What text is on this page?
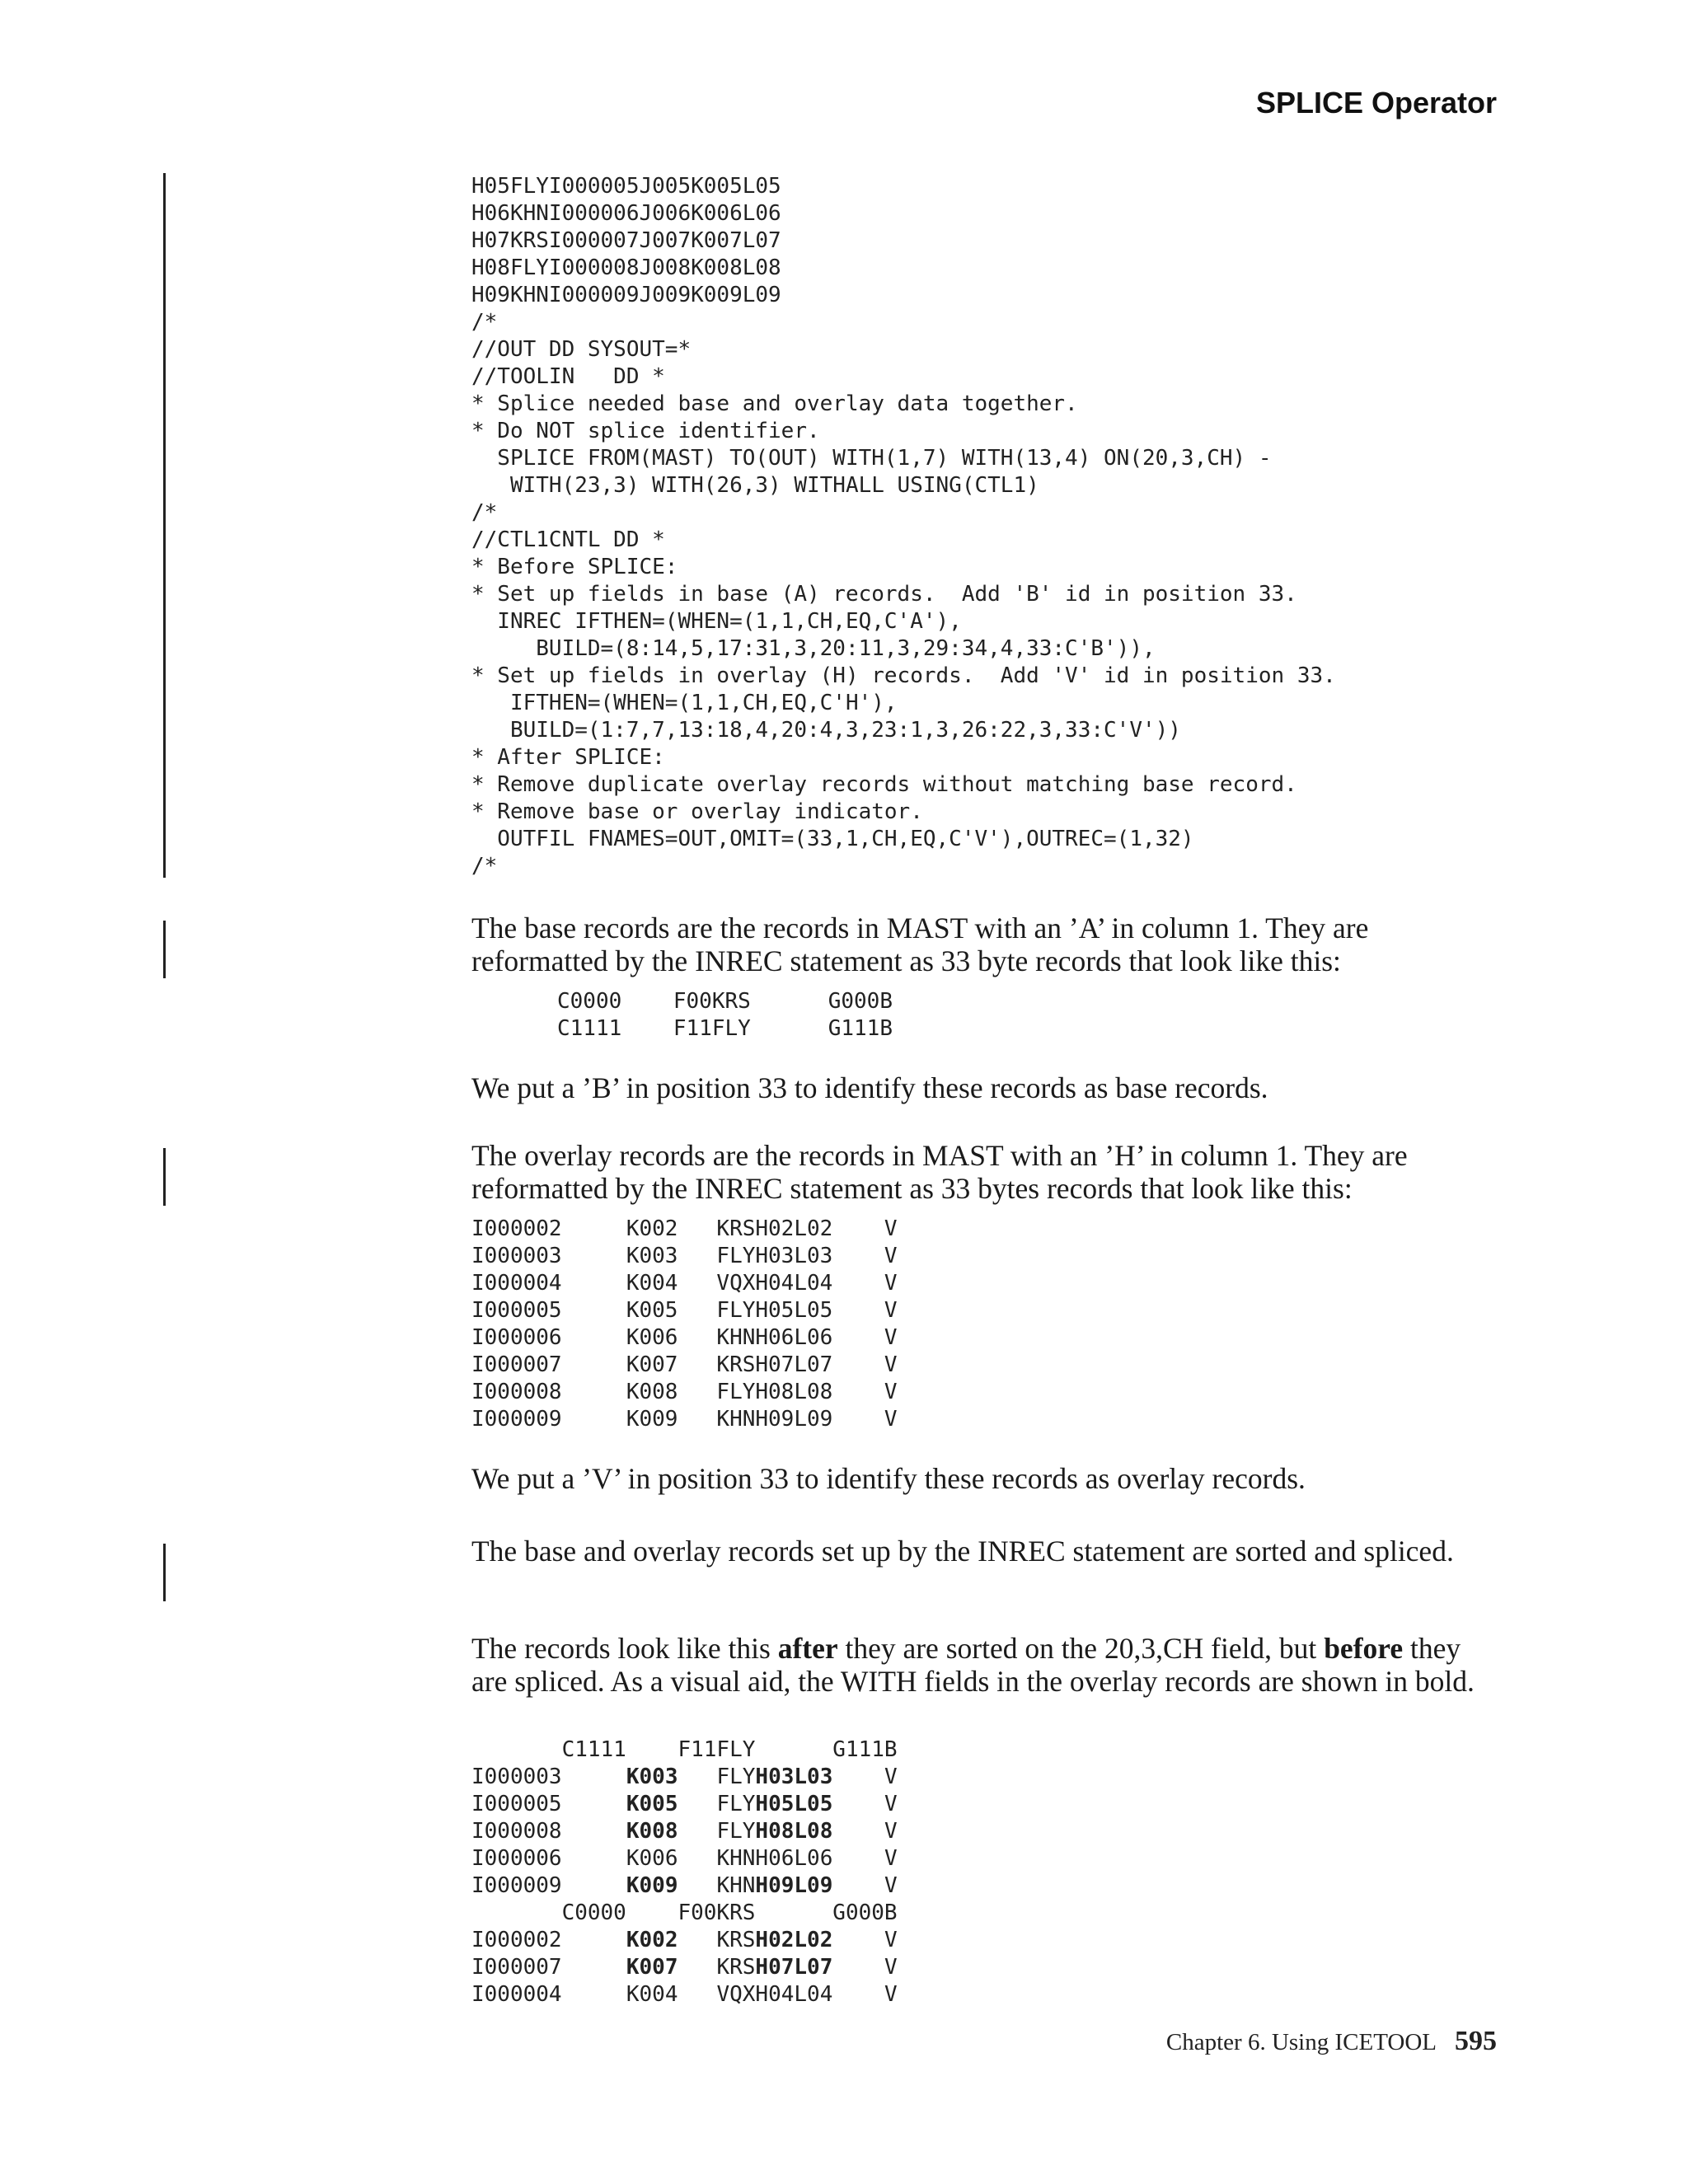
SPLICE Operator
H05FLYI000005J005K005L05
H06KHNI000006J006K006L06
H07KRSI000007J007K007L07
H08FLYI000008J008K008L08
H09KHNI000009J009K009L09
/*
//OUT DD SYSOUT=*
//TOOLIN   DD *
* Splice needed base and overlay data together.
* Do NOT splice identifier.
SPLICE FROM(MAST) TO(OUT) WITH(1,7) WITH(13,4) ON(20,3,CH) -
WITH(23,3) WITH(26,3) WITHALL USING(CTL1)
/*
//CTL1CNTL DD *
* Before SPLICE:
* Set up fields in base (A) records.  Add 'B' id in position 33.
INREC IFTHEN=(WHEN=(1,1,CH,EQ,C'A'),
BUILD=(8:14,5,17:31,3,20:11,3,29:34,4,33:C'B')),
* Set up fields in overlay (H) records.  Add 'V' id in position 33.
IFTHEN=(WHEN=(1,1,CH,EQ,C'H'),
BUILD=(1:7,7,13:18,4,20:4,3,23:1,3,26:22,3,33:C'V'))
* After SPLICE:
* Remove duplicate overlay records without matching base record.
* Remove base or overlay indicator.
OUTFIL FNAMES=OUT,OMIT=(33,1,CH,EQ,C'V'),OUTREC=(1,32)
/*

The base records are the records in MAST with an ’A’ in column 1. They are reformatted by the INREC statement as 33 byte records that look like this:

C0000    F00KRS      G000B
C1111    F11FLY      G111B

We put a ’B’ in position 33 to identify these records as base records.

The overlay records are the records in MAST with an ’H’ in column 1. They are reformatted by the INREC statement as 33 bytes records that look like this:

I000002     K002   KRSH02L02    V
I000003     K003   FLYH03L03    V
I000004     K004   VQXH04L04    V
I000005     K005   FLYH05L05    V
I000006     K006   KHNH06L06    V
I000007     K007   KRSH07L07    V
I000008     K008   FLYH08L08    V
I000009     K009   KHNH09L09    V

We put a ’V’ in position 33 to identify these records as overlay records.

The base and overlay records set up by the INREC statement are sorted and spliced.

The records look like this after they are sorted on the 20,3,CH field, but before they are spliced. As a visual aid, the WITH fields in the overlay records are shown in bold.

C1111    F11FLY      G111B
I000003	K003 FLYH03L03 V
I000005	K005 FLYH05L05 V
I000008	K008 FLYH08L08 V
I000006	K006 KHNH06L06 V
I000009	K009 KHNH09L09 V
C0000    F00KRS      G000B
I000002	K002 KRSH02L02 V
I000007	K007 KRSH07L07 V
I000004	K004 VQXH04L04 V
Chapter 6. Using ICETOOL 595
